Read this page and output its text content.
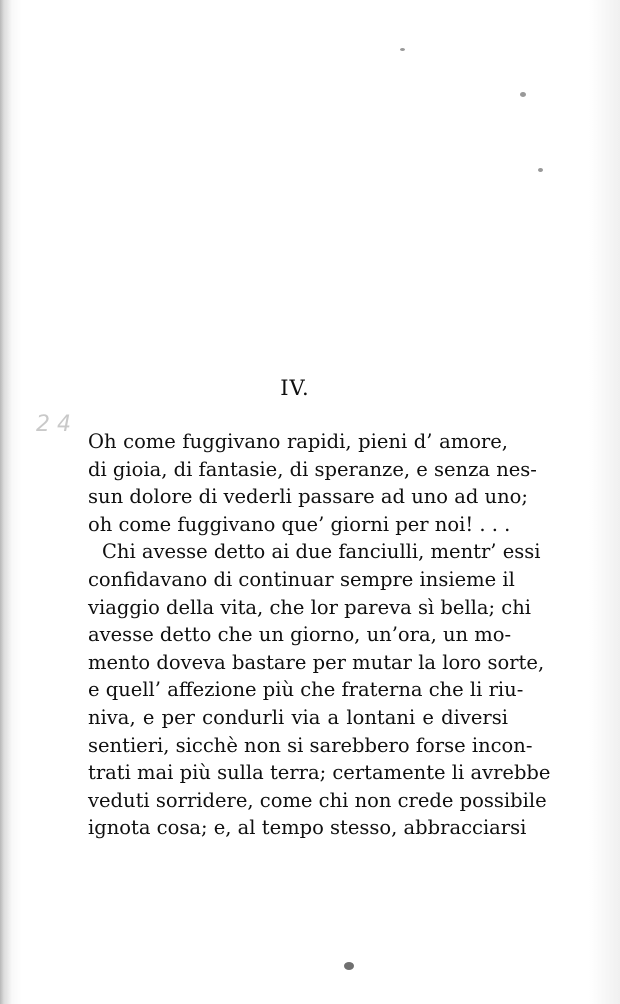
2 4
IV.
Oh come fuggivano rapidi, pieni d’ amore,
di gioia, di fantasie, di speranze, e senza nes-
sun dolore di vederli passare ad uno ad uno;
oh come fuggivano que’ giorni per noi! . . .
Chi avesse detto ai due fanciulli, mentr’ essi
confidavano di continuar sempre insieme il
viaggio della vita, che lor pareva sì bella; chi
avesse detto che un giorno, un’ora, un mo-
mento doveva bastare per mutar la loro sorte,
e quell’ affezione più che fraterna che li riu-
niva, e per condurli via a lontani e diversi
sentieri, sicchè non si sarebbero forse incon-
trati mai più sulla terra; certamente li avrebbe
veduti sorridere, come chi non crede possibile
ignota cosa; e, al tempo stesso, abbracciarsi
